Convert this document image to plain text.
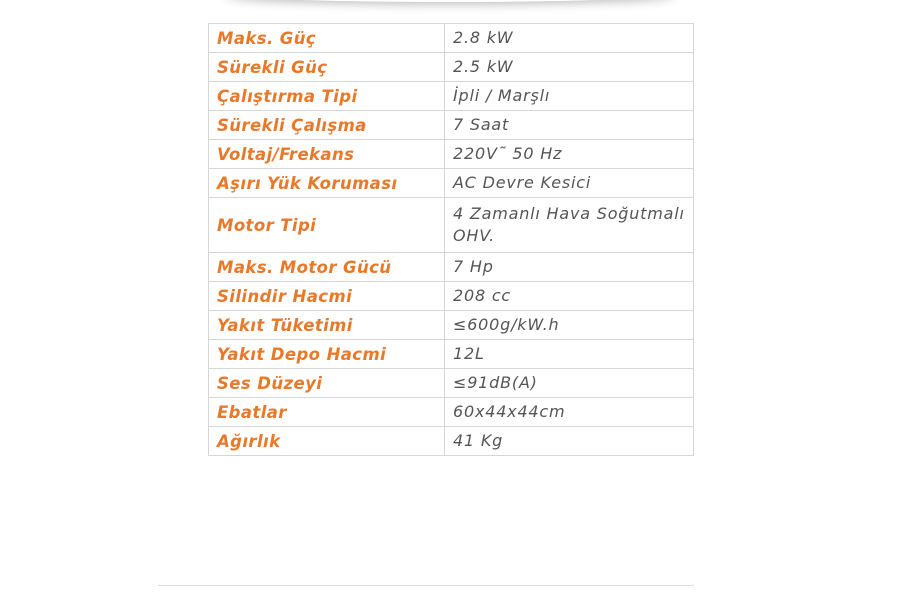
Maks. Güç	2.8 kW
Sürekli Güç	2.5 kW
Çalıştırma Tipi	İpli / Marşlı
Sürekli Çalışma	7 Saat
Voltaj/Frekans	220V˜ 50 Hz
Aşırı Yük Koruması	AC Devre Kesici
Motor Tipi	4 Zamanlı Hava Soğutmalı OHV.
Maks. Motor Gücü	7 Hp
Silindir Hacmi	208 cc
Yakıt Tüketimi	≤600g/kW.h
Yakıt Depo Hacmi	12L
Ses Düzeyi	≤91dB(A)
Ebatlar	60x44x44cm
Ağırlık	41 Kg
